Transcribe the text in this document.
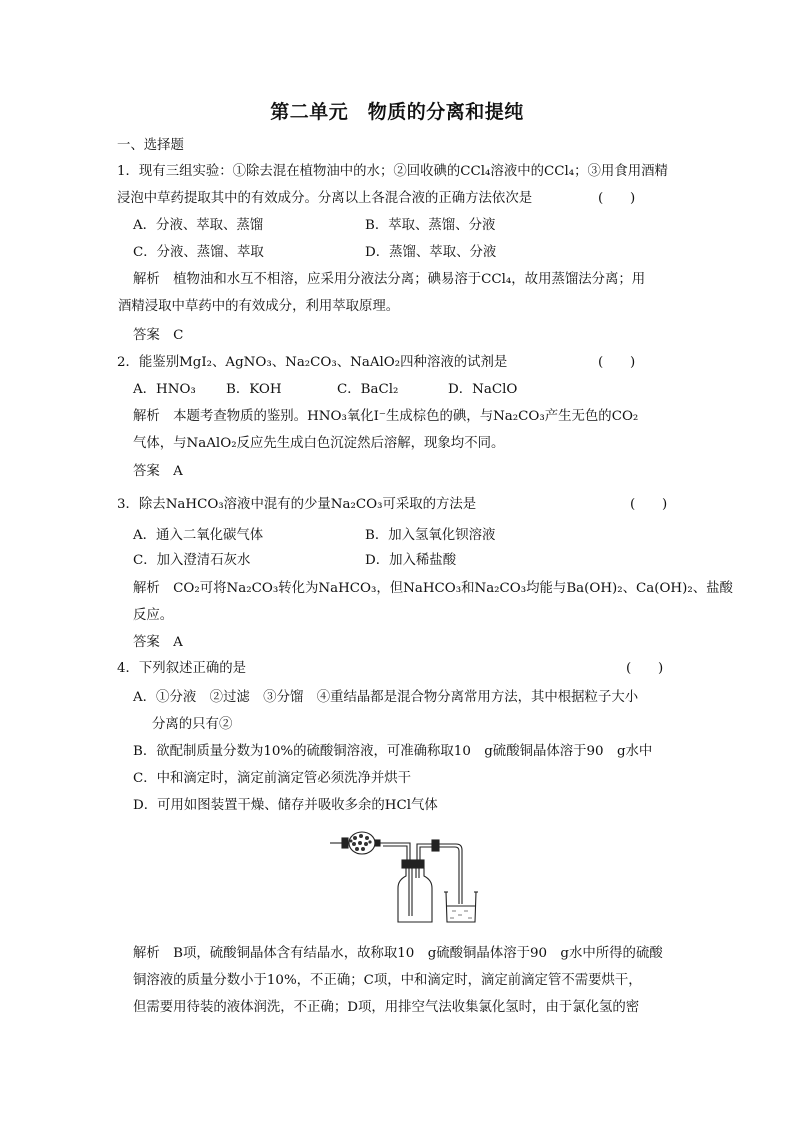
第二单元　物质的分离和提纯
一、选择题
1．现有三组实验：①除去混在植物油中的水；②回收碘的CCl₄溶液中的CCl₄；③用食用酒精
浸泡中草药提取其中的有效成分。分离以上各混合液的正确方法依次是	(　　)
A．分液、萃取、蒸馏	B．萃取、蒸馏、分液
C．分液、蒸馏、萃取	D．蒸馏、萃取、分液
解析　植物油和水互不相溶，应采用分液法分离；碘易溶于CCl₄，故用蒸馏法分离；用
酒精浸取中草药中的有效成分，利用萃取原理。
答案　C
2．能鉴别MgI₂、AgNO₃、Na₂CO₃、NaAlO₂四种溶液的试剂是	(　　)
A．HNO₃ B．KOH	C．BaCl₂	D．NaClO
解析　本题考查物质的鉴别。HNO₃氧化I⁻生成棕色的碘，与Na₂CO₃产生无色的CO₂
气体，与NaAlO₂反应先生成白色沉淀然后溶解，现象均不同。
答案　A
3．除去NaHCO₃溶液中混有的少量Na₂CO₃可采取的方法是	(　　)
A．通入二氧化碳气体	B．加入氢氧化钡溶液
C．加入澄清石灰水	D．加入稀盐酸
解析　CO₂可将Na₂CO₃转化为NaHCO₃，但NaHCO₃和Na₂CO₃均能与Ba(OH)₂、Ca(OH)₂、盐酸
反应。
答案　A
4．下列叙述正确的是	(　　)
A．①分液　②过滤　③分馏　④重结晶都是混合物分离常用方法，其中根据粒子大小
分离的只有②
B．欲配制质量分数为10%的硫酸铜溶液，可准确称取10　g硫酸铜晶体溶于90　g水中
C．中和滴定时，滴定前滴定管必须洗净并烘干
D．可用如图装置干燥、储存并吸收多余的HCl气体
解析　B项，硫酸铜晶体含有结晶水，故称取10　g硫酸铜晶体溶于90　g水中所得的硫酸
铜溶液的质量分数小于10%，不正确；C项，中和滴定时，滴定前滴定管不需要烘干，
但需要用待装的液体润洗，不正确；D项，用排空气法收集氯化氢时，由于氯化氢的密
